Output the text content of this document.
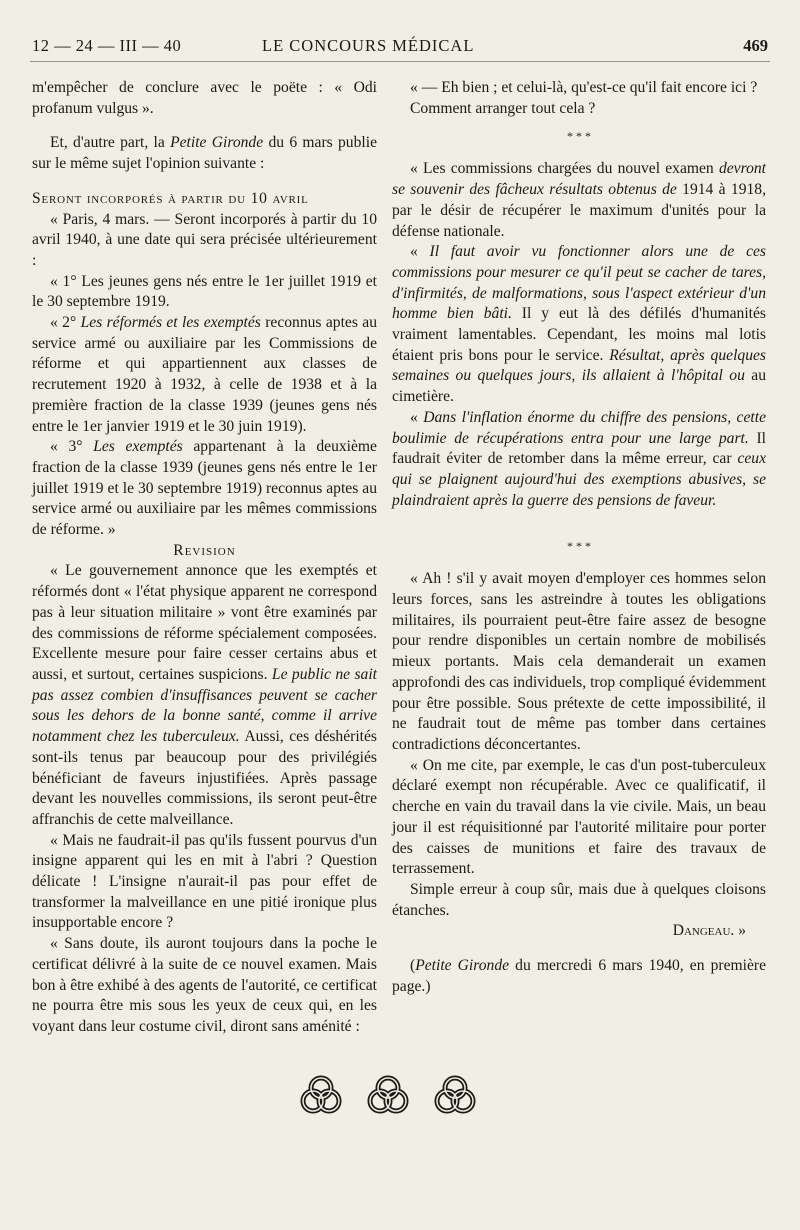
12 — 24 — III — 40	LE CONCOURS MÉDICAL	469

m'empêcher de conclure avec le poëte : « Odi profanum vulgus ».

Et, d'autre part, la Petite Gironde du 6 mars publie sur le même sujet l'opinion suivante :

Seront incorporés à partir du 10 avril

« Paris, 4 mars. — Seront incorporés à partir du 10 avril 1940, à une date qui sera précisée ultérieurement :

« 1° Les jeunes gens nés entre le 1er juillet 1919 et le 30 septembre 1919.

« 2° Les réformés et les exemptés reconnus aptes au service armé ou auxiliaire par les Commissions de réforme et qui appartiennent aux classes de recrutement 1920 à 1932, à celle de 1938 et à la première fraction de la classe 1939 (jeunes gens nés entre le 1er janvier 1919 et le 30 juin 1919).

« 3° Les exemptés appartenant à la deuxième fraction de la classe 1939 (jeunes gens nés entre le 1er juillet 1919 et le 30 septembre 1919) reconnus aptes au service armé ou auxiliaire par les mêmes commissions de réforme. »

Revision

« Le gouvernement annonce que les exemptés et réformés dont « l'état physique apparent ne correspond pas à leur situation militaire » vont être examinés par des commissions de réforme spécialement composées. Excellente mesure pour faire cesser certains abus et aussi, et surtout, certaines suspicions. Le public ne sait pas assez combien d'insuffisances peuvent se cacher sous les dehors de la bonne santé, comme il arrive notamment chez les tuberculeux. Aussi, ces déshérités sont-ils tenus par beaucoup pour des privilégiés bénéficiant de faveurs injustifiées. Après passage devant les nouvelles commissions, ils seront peut-être affranchis de cette malveillance.

« Mais ne faudrait-il pas qu'ils fussent pourvus d'un insigne apparent qui les en mit à l'abri ? Question délicate ! L'insigne n'aurait-il pas pour effet de transformer la malveillance en une pitié ironique plus insupportable encore ?

« Sans doute, ils auront toujours dans la poche le certificat délivré à la suite de ce nouvel examen. Mais bon à être exhibé à des agents de l'autorité, ce certificat ne pourra être mis sous les yeux de ceux qui, en les voyant dans leur costume civil, diront sans aménité :

« — Eh bien ; et celui-là, qu'est-ce qu'il fait encore ici ?

Comment arranger tout cela ?

* * *

« Les commissions chargées du nouvel examen devront se souvenir des fâcheux résultats obtenus de 1914 à 1918, par le désir de récupérer le maximum d'unités pour la défense nationale.

« Il faut avoir vu fonctionner alors une de ces commissions pour mesurer ce qu'il peut se cacher de tares, d'infirmités, de malformations, sous l'aspect extérieur d'un homme bien bâti. Il y eut là des défilés d'humanités vraiment lamentables. Cependant, les moins mal lotis étaient pris bons pour le service. Résultat, après quelques semaines ou quelques jours, ils allaient à l'hôpital ou au cimetière.

« Dans l'inflation énorme du chiffre des pensions, cette boulimie de récupérations entra pour une large part. Il faudrait éviter de retomber dans la même erreur, car ceux qui se plaignent aujourd'hui des exemptions abusives, se plaindraient après la guerre des pensions de faveur.

* * *

« Ah ! s'il y avait moyen d'employer ces hommes selon leurs forces, sans les astreindre à toutes les obligations militaires, ils pourraient peut-être faire assez de besogne pour rendre disponibles un certain nombre de mobilisés mieux portants. Mais cela demanderait un examen approfondi des cas individuels, trop compliqué évidemment pour être possible. Sous prétexte de cette impossibilité, il ne faudrait tout de même pas tomber dans certaines contradictions déconcertantes.

« On me cite, par exemple, le cas d'un post-tuberculeux déclaré exempt non récupérable. Avec ce qualificatif, il cherche en vain du travail dans la vie civile. Mais, un beau jour il est réquisitionné par l'autorité militaire pour porter des caisses de munitions et faire des travaux de terrassement.

Simple erreur à coup sûr, mais due à quelques cloisons étanches.

Dangeau. »

(Petite Gironde du mercredi 6 mars 1940, en première page.)
